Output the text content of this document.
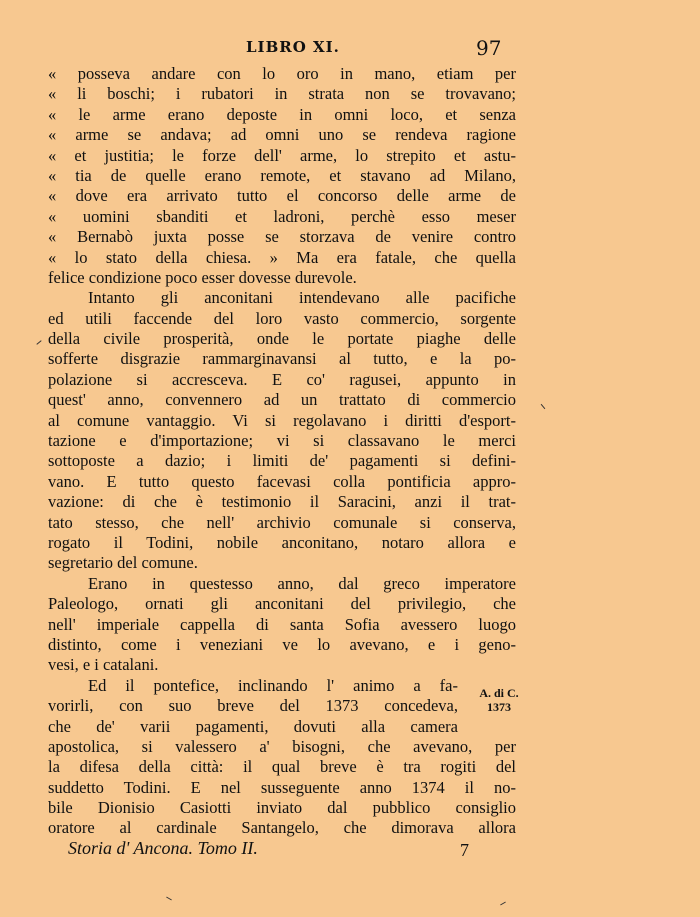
LIBRO XI.	97
« posseva andare con lo oro in mano, etiam per
« li boschi; i rubatori in strata non se trovavano;
« le arme erano deposte in omni loco, et senza
« arme se andava; ad omni uno se rendeva ragione
« et justitia; le forze dell' arme, lo strepito et astu-
« tia de quelle erano remote, et stavano ad Milano,
« dove era arrivato tutto el concorso delle arme de
« uomini sbanditi et ladroni, perchè esso meser
« Bernabò juxta posse se storzava de venire contro
« lo stato della chiesa. » Ma era fatale, che quella
felice condizione poco esser dovesse durevole.
Intanto gli anconitani intendevano alle pacifiche
ed utili faccende del loro vasto commercio, sorgente
della civile prosperità, onde le portate piaghe delle
sofferte disgrazie rammarginavansi al tutto, e la po-
polazione si accresceva. E co' ragusei, appunto in
quest' anno, convennero ad un trattato di commercio
al comune vantaggio. Vi si regolavano i diritti d'esport-
tazione e d'importazione; vi si classavano le merci
sottoposte a dazio; i limiti de' pagamenti si defini-
vano. E tutto questo facevasi colla pontificia appro-
vazione: di che è testimonio il Saracini, anzi il trat-
tato stesso, che nell' archivio comunale si conserva,
rogato il Todini, nobile anconitano, notaro allora e
segretario del comune.
Erano in questesso anno, dal greco imperatore
Paleologo, ornati gli anconitani del privilegio, che
nell' imperiale cappella di santa Sofia avessero luogo
distinto, come i veneziani ve lo avevano, e i geno-
vesi, e i catalani.
Ed il pontefice, inclinando l' animo a fa-
vorirli, con suo breve del 1373 concedeva,
che de' varii pagamenti, dovuti alla camera
apostolica, si valessero a' bisogni, che avevano, per
la difesa della città: il qual breve è tra rogiti del
suddetto Todini. E nel susseguente anno 1374 il no-
bile Dionisio Casiotti inviato dal pubblico consiglio
oratore al cardinale Santangelo, che dimorava allora
A. di C.
1373
Storia d' Ancona. Tomo II.	7
